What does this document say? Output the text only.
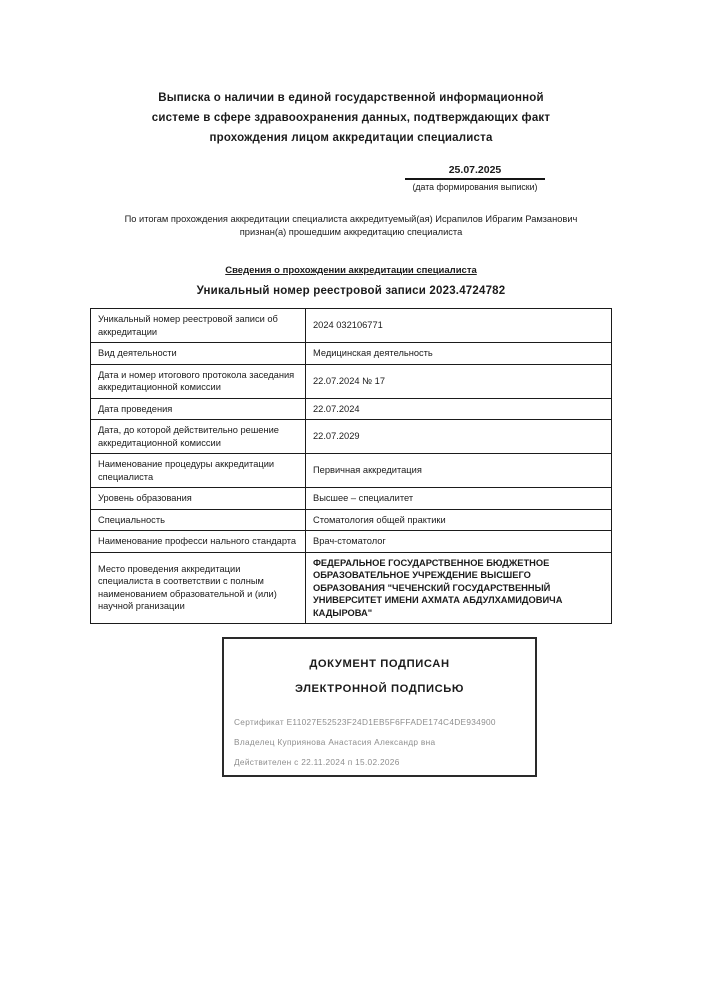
Выписка о наличии в единой государственной информационной
системе в сфере здравоохранения данных, подтверждающих факт
прохождения лицом аккредитации специалиста
25.07.2025
(дата формирования выписки)
По итогам прохождения аккредитации специалиста аккредитуемый(ая) Исрапилов Ибрагим Рамзанович
признан(а) прошедшим аккредитацию специалиста
Сведения о прохождении аккредитации специалиста
Уникальный номер реестровой записи 2023.4724782
Уникальный номер реестровой записи об аккредитации	2024 032106771
Вид деятельности	Медицинская деятельность
Дата и номер итогового протокола заседания аккредитационной комиссии	22.07.2024 № 17
Дата проведения	22.07.2024
Дата, до которой действительно решение аккредитационной комиссии	22.07.2029
Наименование процедуры аккредитации специалиста	Первичная аккредитация
Уровень образования	Высшее – специалитет
Специальность	Стоматология общей практики
Наименование професси нального стандарта	Врач-стоматолог
Место проведения аккредитации специалиста в соответствии с полным наименованием образовательной и (или) научной рганизации	ФЕДЕРАЛЬНОЕ ГОСУДАРСТВЕННОЕ БЮДЖЕТНОЕ ОБРАЗОВАТЕЛЬНОЕ УЧРЕЖДЕНИЕ ВЫСШЕГО ОБРАЗОВАНИЯ "ЧЕЧЕНСКИЙ ГОСУДАРСТВЕННЫЙ УНИВЕРСИТЕТ ИМЕНИ АХМАТА АБДУЛХАМИДОВИЧА КАДЫРОВА"
ДОКУМЕНТ ПОДПИСАН
ЭЛЕКТРОННОЙ ПОДПИСЬЮ
Сертификат E11027E52523F24D1EB5F6FFADE174C4DE934900
Владелец Куприянова Анастасия Александр вна
Действителен с 22.11.2024 п 15.02.2026
